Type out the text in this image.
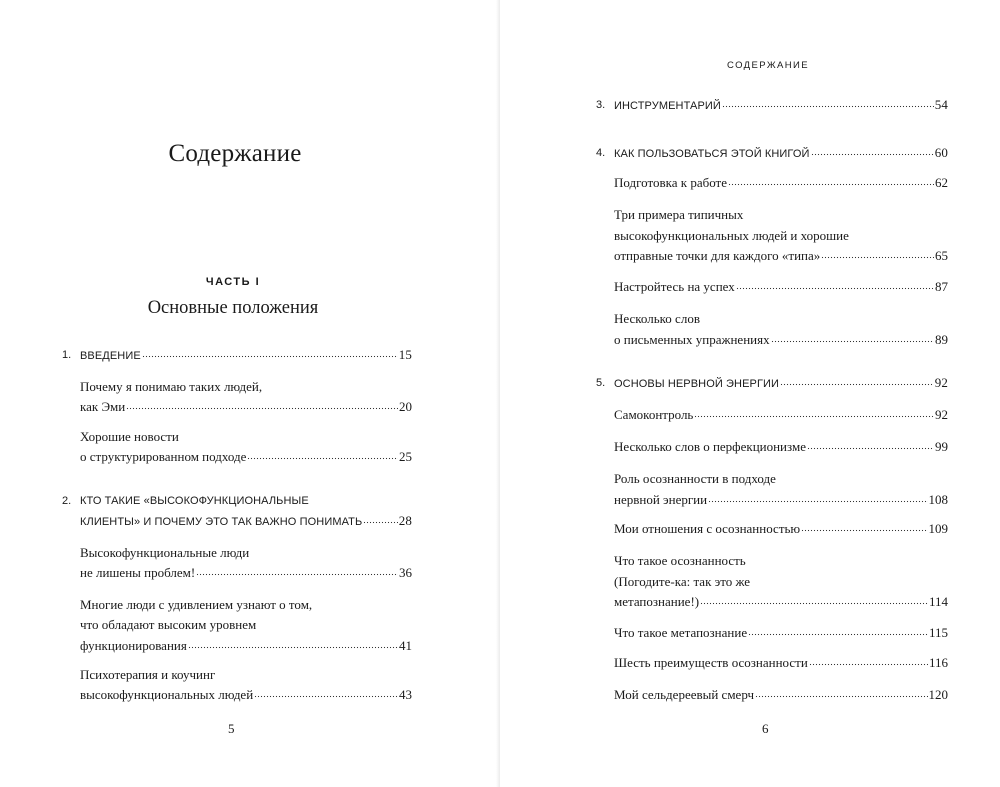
Содержание
ЧАСТЬ I
Основные положения
1. ВВЕДЕНИЕ	15
Почему я понимаю таких людей,
как Эми	20
Хорошие новости
о структурированном подходе	25
2. КТО ТАКИЕ «ВЫСОКОФУНКЦИОНАЛЬНЫЕ
КЛИЕНТЫ» И ПОЧЕМУ ЭТО ТАК ВАЖНО ПОНИМАТЬ	28
Высокофункциональные люди
не лишены проблем!	36
Многие люди с удивлением узнают о том,
что обладают высоким уровнем
функционирования	41
Психотерапия и коучинг
высокофункциональных людей	43
5
СОДЕРЖАНИЕ
3. ИНСТРУМЕНТАРИЙ	54
4. КАК ПОЛЬЗОВАТЬСЯ ЭТОЙ КНИГОЙ	60
Подготовка к работе	62
Три примера типичных
высокофункциональных людей и хорошие
отправные точки для каждого «типа»	65
Настройтесь на успех	87
Несколько слов
о письменных упражнениях	89
5. ОСНОВЫ НЕРВНОЙ ЭНЕРГИИ	92
Самоконтроль	92
Несколько слов о перфекционизме	99
Роль осознанности в подходе
нервной энергии	108
Мои отношения с осознанностью	109
Что такое осознанность
(Погодите-ка: так это же
метапознание!)	114
Что такое метапознание	115
Шесть преимуществ осознанности	116
Мой сельдереевый смерч	120
6
